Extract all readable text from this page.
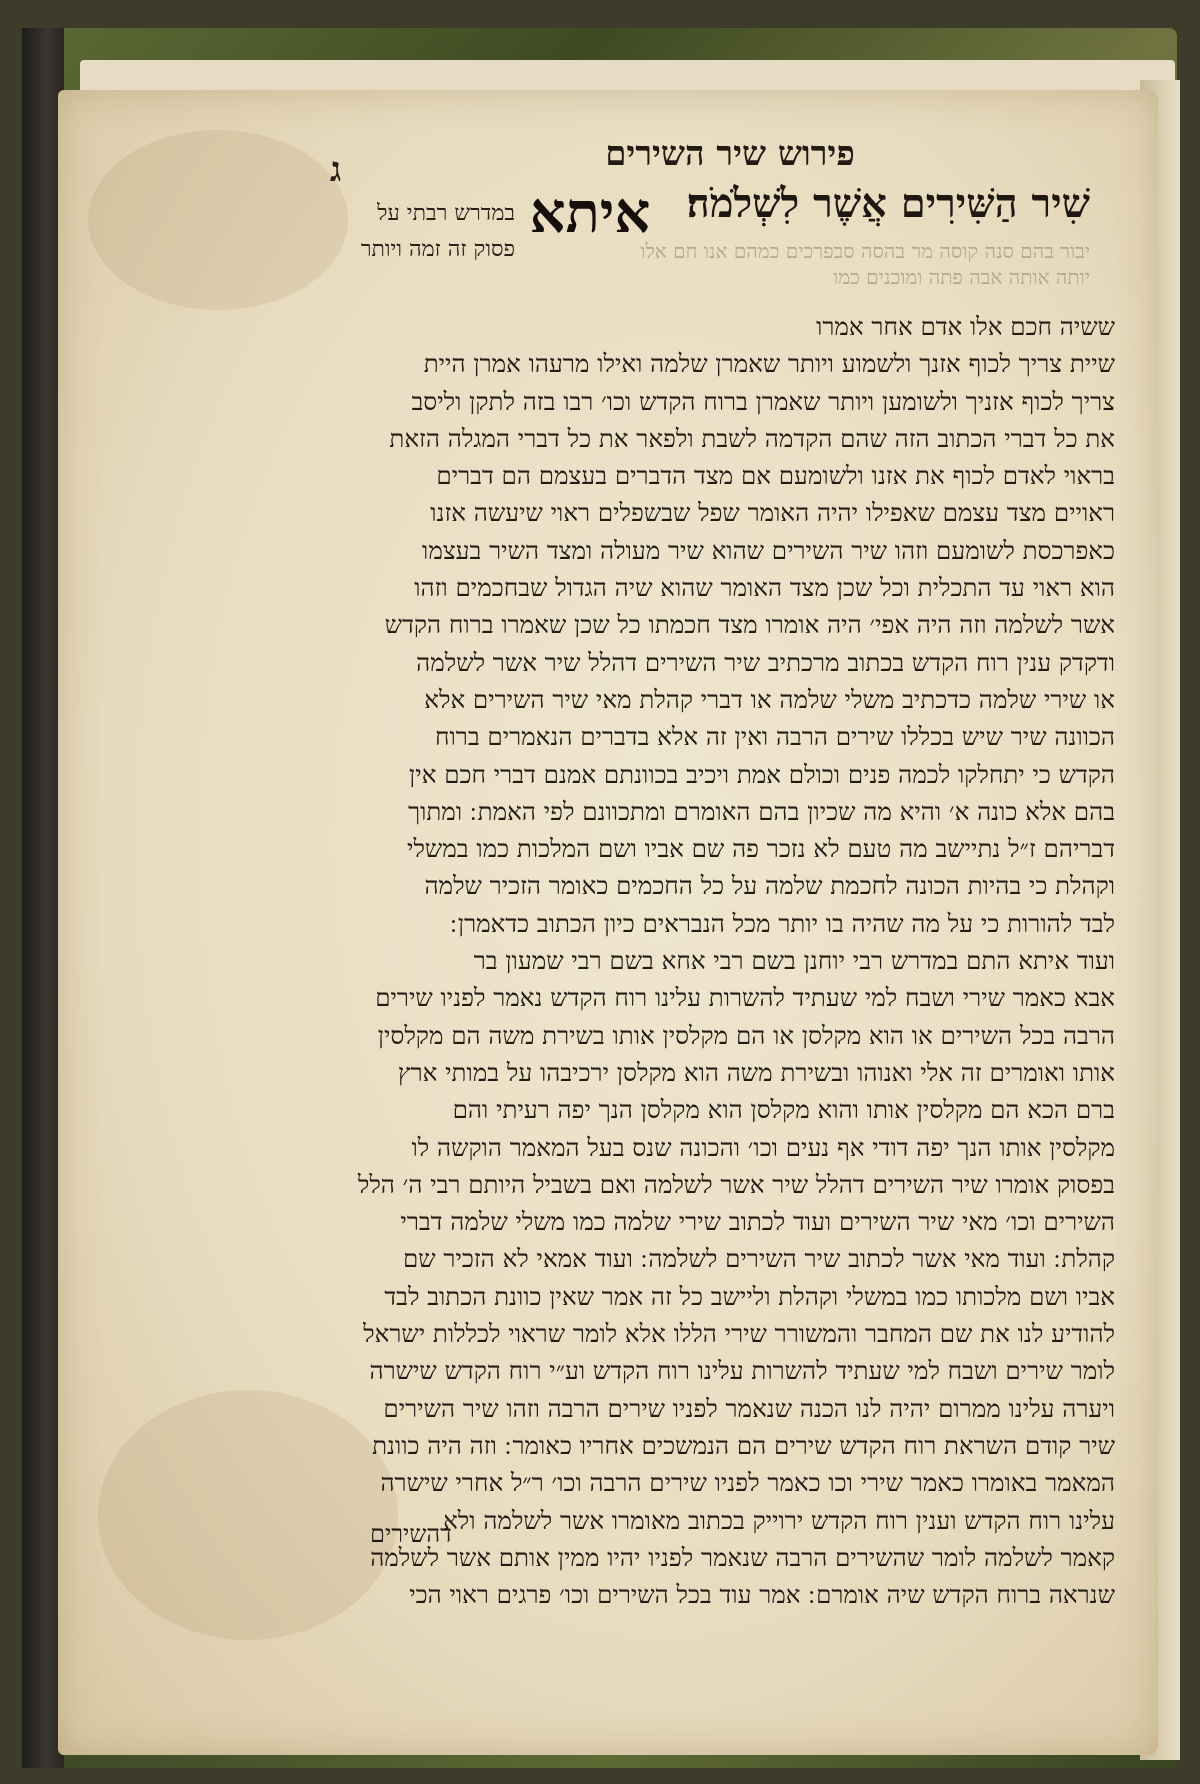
ג	פירוש שיר השירים
שִׁיר הַשִּׁירִים אֲשֶׁר לִשְׁלֹמֹה׃
איתא
במדרש רבתי על
פסוק זה זמה ויותר	יבור בהם סנה קוסה מר בהסה סבפרכים כמהם אנו חם אלו
יותה אותה אבה פתה ומוכנים כמו
ששיה חכם אלו אדם אחר אמרו
שיית צריך לכוף אזנך ולשמוע ויותר שאמרן שלמה ואילו מרעהו אמרן היית
צריך לכוף אזניך ולשומען ויותר שאמרן ברוח הקדש וכו׳ רבו בזה לתקן וליסב
את כל דברי הכתוב הזה שהם הקדמה לשבת ולפאר את כל דברי המגלה הזאת
בראוי לאדם לכוף את אזנו ולשומעם אם מצד הדברים בעצמם הם דברים
ראויים מצד עצמם שאפילו יהיה האומר שפל שבשפלים ראוי שיעשה אזנו
כאפרכסת לשומעם וזהו שיר השירים שהוא שיר מעולה ומצד השיר בעצמו
הוא ראוי עד התכלית וכל שכן מצד האומר שהוא שיה הגדול שבחכמים וזהו
אשר לשלמה וזה היה אפי׳ היה אומרו מצד חכמתו כל שכן שאמרו ברוח הקדש
ודקדק ענין רוח הקדש בכתוב מרכתיב שיר השירים דהלל שיר אשר לשלמה
או שירי שלמה כדכתיב משלי שלמה או דברי קהלת מאי שיר השירים אלא
הכוונה שיר שיש בכללו שירים הרבה ואין זה אלא בדברים הנאמרים ברוח
הקדש כי יתחלקו לכמה פנים וכולם אמת ויכיב בכוונתם אמנם דברי חכם אין
בהם אלא כונה א׳ והיא מה שכיון בהם האומרם ומתכוונם לפי האמת ׃ ומתוך
דבריהם ז״ל נתיישב מה טעם לא נזכר פה שם אביו ושם המלכות כמו במשלי
וקהלת כי בהיות הכונה לחכמת שלמה על כל החכמים כאומר הזכיר שלמה
לבד להורות כי על מה שהיה בו יותר מכל הנבראים כיון הכתוב כדאמרן ׃
ועוד איתא התם במדרש רבי יוחנן בשם רבי אחא בשם רבי שמעון בר
אבא כאמר שירי ושבח למי שעתיד להשרות עלינו רוח הקדש נאמר לפניו שירים
הרבה בכל השירים או הוא מקלסן או הם מקלסין אותו בשירת משה הם מקלסין
אותו ואומרים זה אלי ואנוהו ובשירת משה הוא מקלסן ירכיבהו על במותי ארץ
ברם הכא הם מקלסין אותו והוא מקלסן הוא מקלסן הנך יפה רעיתי והם
מקלסין אותו הנך יפה דודי אף נעים וכו׳ והכונה שנס בעל המאמר הוקשה לו
בפסוק אומרו שיר השירים דהלל שיר אשר לשלמה ואם בשביל היותם רבי ה׳ הלל
השירים וכו׳ מאי שיר השירים ועוד לכתוב שירי שלמה כמו משלי שלמה דברי
קהלת ׃ ועוד מאי אשר לכתוב שיר השירים לשלמה ׃ ועוד אמאי לא הזכיר שם
אביו ושם מלכותו כמו במשלי וקהלת וליישב כל זה אמר שאין כוונת הכתוב לבד
להודיע לנו את שם המחבר והמשורר שירי הללו אלא לומר שראוי לכללות ישראל
לומר שירים ושבח למי שעתיד להשרות עלינו רוח הקדש וע״י רוח הקדש שישרה
ויערה עלינו ממרום יהיה לנו הכנה שנאמר לפניו שירים הרבה וזהו שיר השירים
שיר קודם השראת רוח הקדש שירים הם הנמשכים אחריו כאומר ׃ וזה היה כוונת
המאמר באומרו כאמר שירי וכו כאמר לפניו שירים הרבה וכו׳ ר״ל אחרי שישרה
עלינו רוח הקדש וענין רוח הקדש ירוייק בכתוב מאומרו אשר לשלמה ולא
קאמר לשלמה לומר שהשירים הרבה שנאמר לפניו יהיו ממין אותם אשר לשלמה
שנראה ברוח הקדש שיה אומרם ׃ אמר עוד בכל השירים וכו׳ פרגים ראוי הכי
דהשירים
